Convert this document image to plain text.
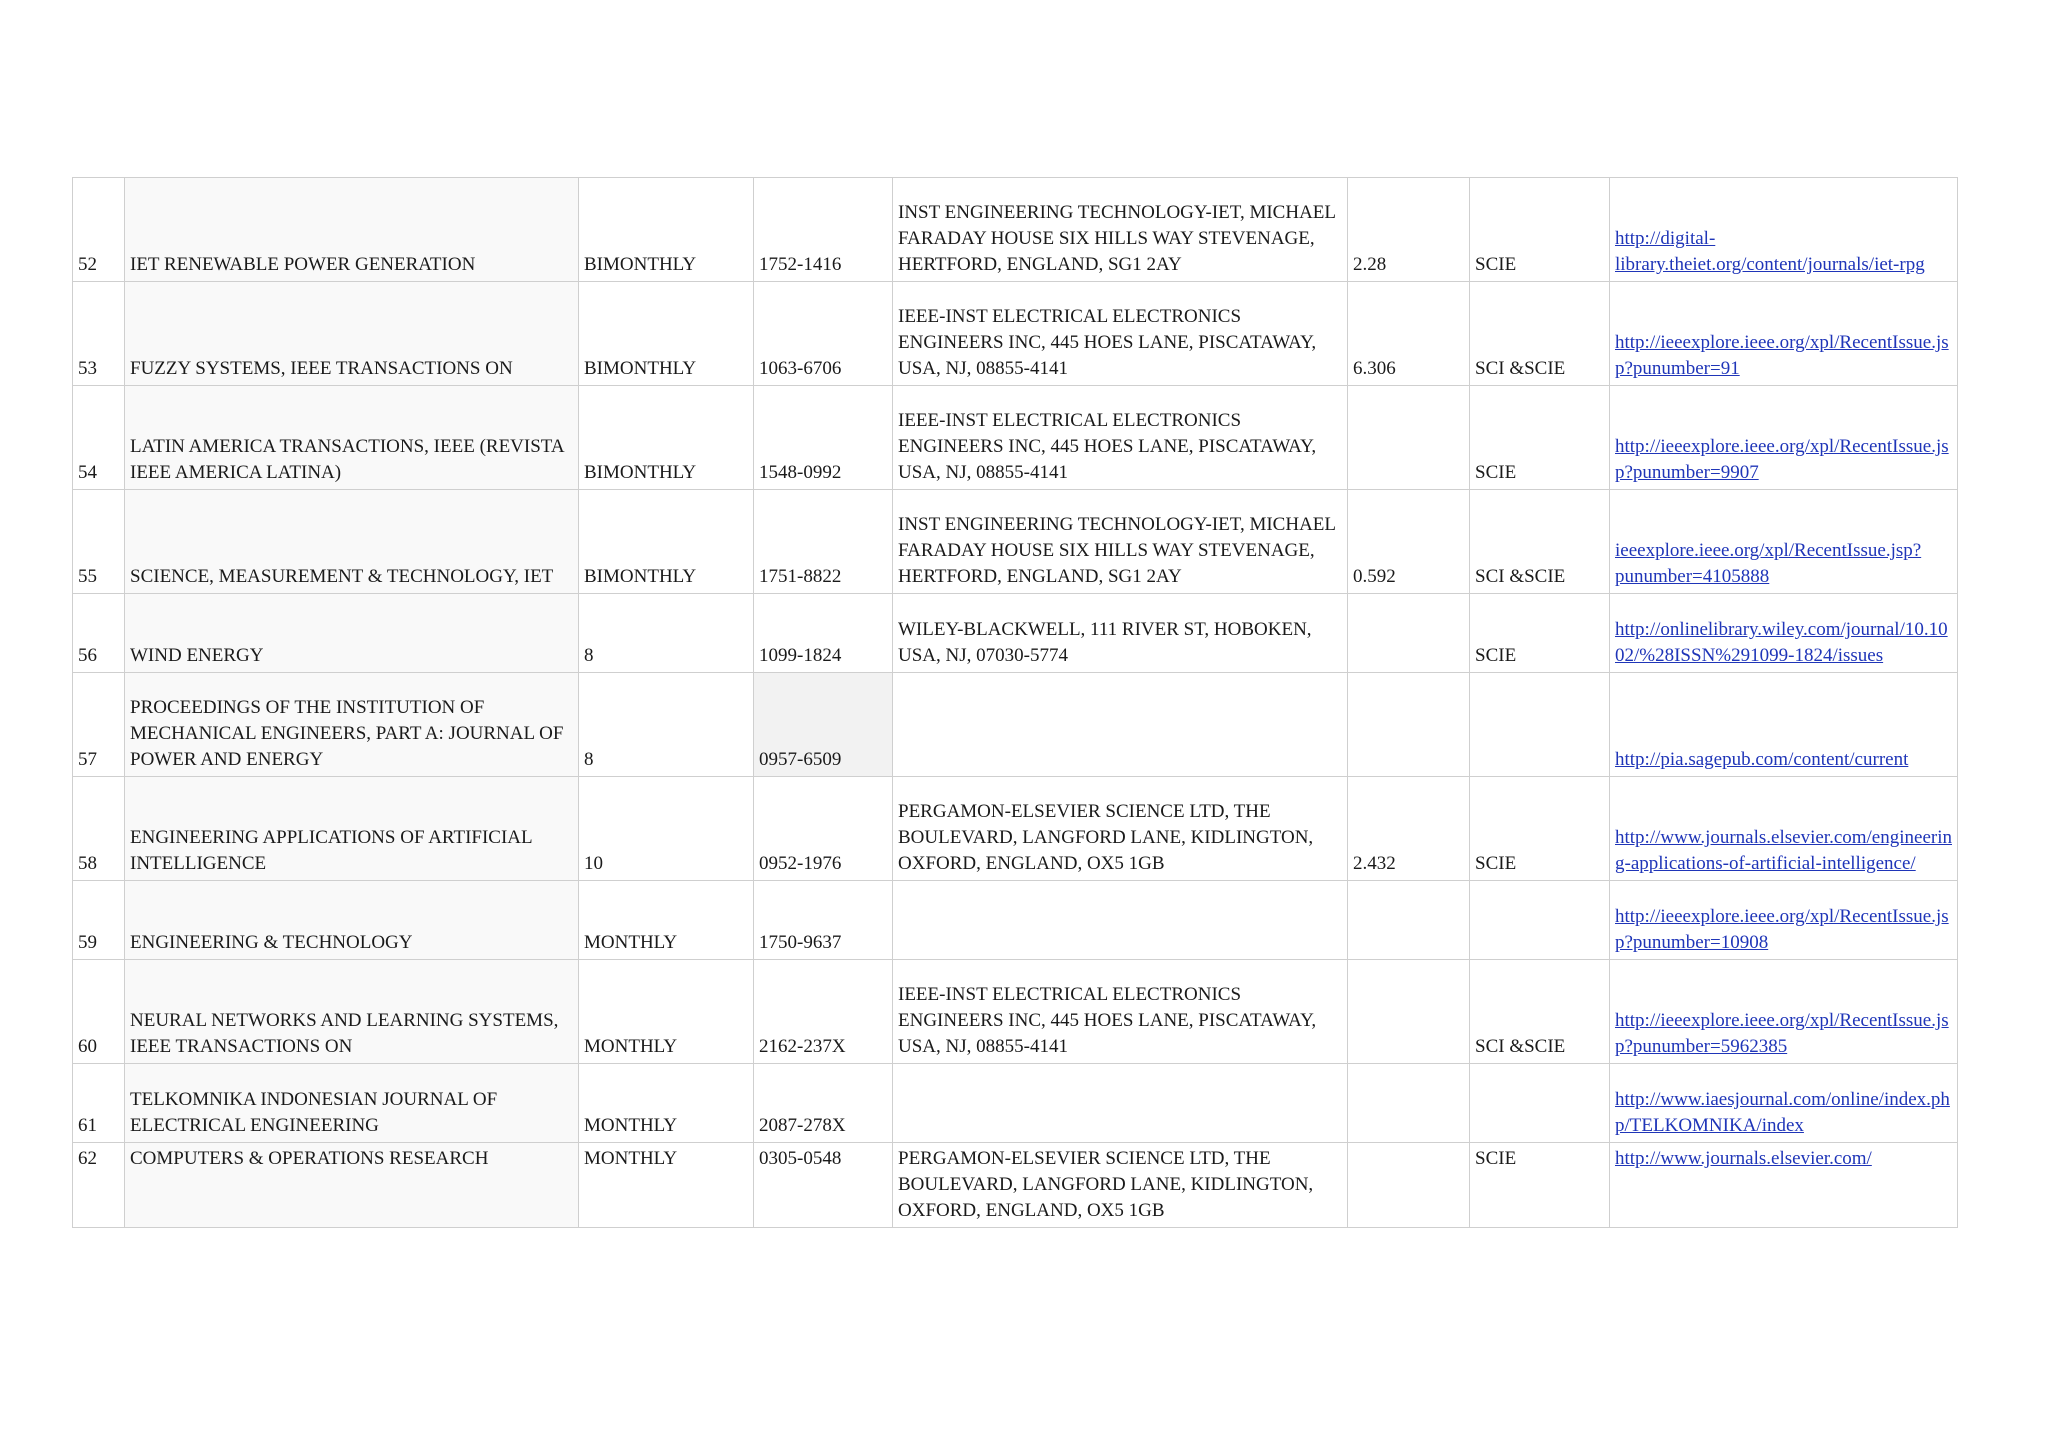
52	IET RENEWABLE POWER GENERATION	BIMONTHLY	1752-1416	INST ENGINEERING TECHNOLOGY-IET, MICHAEL FARADAY HOUSE SIX HILLS WAY STEVENAGE, HERTFORD, ENGLAND, SG1 2AY	2.28	SCIE	http://digital-library.theiet.org/content/journals/iet-rpg
53	FUZZY SYSTEMS, IEEE TRANSACTIONS ON	BIMONTHLY	1063-6706	IEEE-INST ELECTRICAL ELECTRONICS ENGINEERS INC, 445 HOES LANE, PISCATAWAY, USA, NJ, 08855-4141	6.306	SCI &SCIE	http://ieeexplore.ieee.org/xpl/RecentIssue.jsp?punumber=91
54	LATIN AMERICA TRANSACTIONS, IEEE (REVISTA IEEE AMERICA LATINA)	BIMONTHLY	1548-0992	IEEE-INST ELECTRICAL ELECTRONICS ENGINEERS INC, 445 HOES LANE, PISCATAWAY, USA, NJ, 08855-4141		SCIE	http://ieeexplore.ieee.org/xpl/RecentIssue.jsp?punumber=9907
55	SCIENCE, MEASUREMENT & TECHNOLOGY, IET	BIMONTHLY	1751-8822	INST ENGINEERING TECHNOLOGY-IET, MICHAEL FARADAY HOUSE SIX HILLS WAY STEVENAGE, HERTFORD, ENGLAND, SG1 2AY	0.592	SCI &SCIE	ieeexplore.ieee.org/xpl/RecentIssue.jsp?punumber=4105888
56	WIND ENERGY	8	1099-1824	WILEY-BLACKWELL, 111 RIVER ST, HOBOKEN, USA, NJ, 07030-5774		SCIE	http://onlinelibrary.wiley.com/journal/10.1002/%28ISSN%291099-1824/issues
57	PROCEEDINGS OF THE INSTITUTION OF MECHANICAL ENGINEERS, PART A: JOURNAL OF POWER AND ENERGY	8	0957-6509				http://pia.sagepub.com/content/current
58	ENGINEERING APPLICATIONS OF ARTIFICIAL INTELLIGENCE	10	0952-1976	PERGAMON-ELSEVIER SCIENCE LTD, THE BOULEVARD, LANGFORD LANE, KIDLINGTON, OXFORD, ENGLAND, OX5 1GB	2.432	SCIE	http://www.journals.elsevier.com/engineering-applications-of-artificial-intelligence/
59	ENGINEERING & TECHNOLOGY	MONTHLY	1750-9637				http://ieeexplore.ieee.org/xpl/RecentIssue.jsp?punumber=10908
60	NEURAL NETWORKS AND LEARNING SYSTEMS, IEEE TRANSACTIONS ON	MONTHLY	2162-237X	IEEE-INST ELECTRICAL ELECTRONICS ENGINEERS INC, 445 HOES LANE, PISCATAWAY, USA, NJ, 08855-4141		SCI &SCIE	http://ieeexplore.ieee.org/xpl/RecentIssue.jsp?punumber=5962385
61	TELKOMNIKA INDONESIAN JOURNAL OF ELECTRICAL ENGINEERING	MONTHLY	2087-278X				http://www.iaesjournal.com/online/index.php/TELKOMNIKA/index
62	COMPUTERS & OPERATIONS RESEARCH	MONTHLY	0305-0548	PERGAMON-ELSEVIER SCIENCE LTD, THE BOULEVARD, LANGFORD LANE, KIDLINGTON, OXFORD, ENGLAND, OX5 1GB		SCIE	http://www.journals.elsevier.com/
